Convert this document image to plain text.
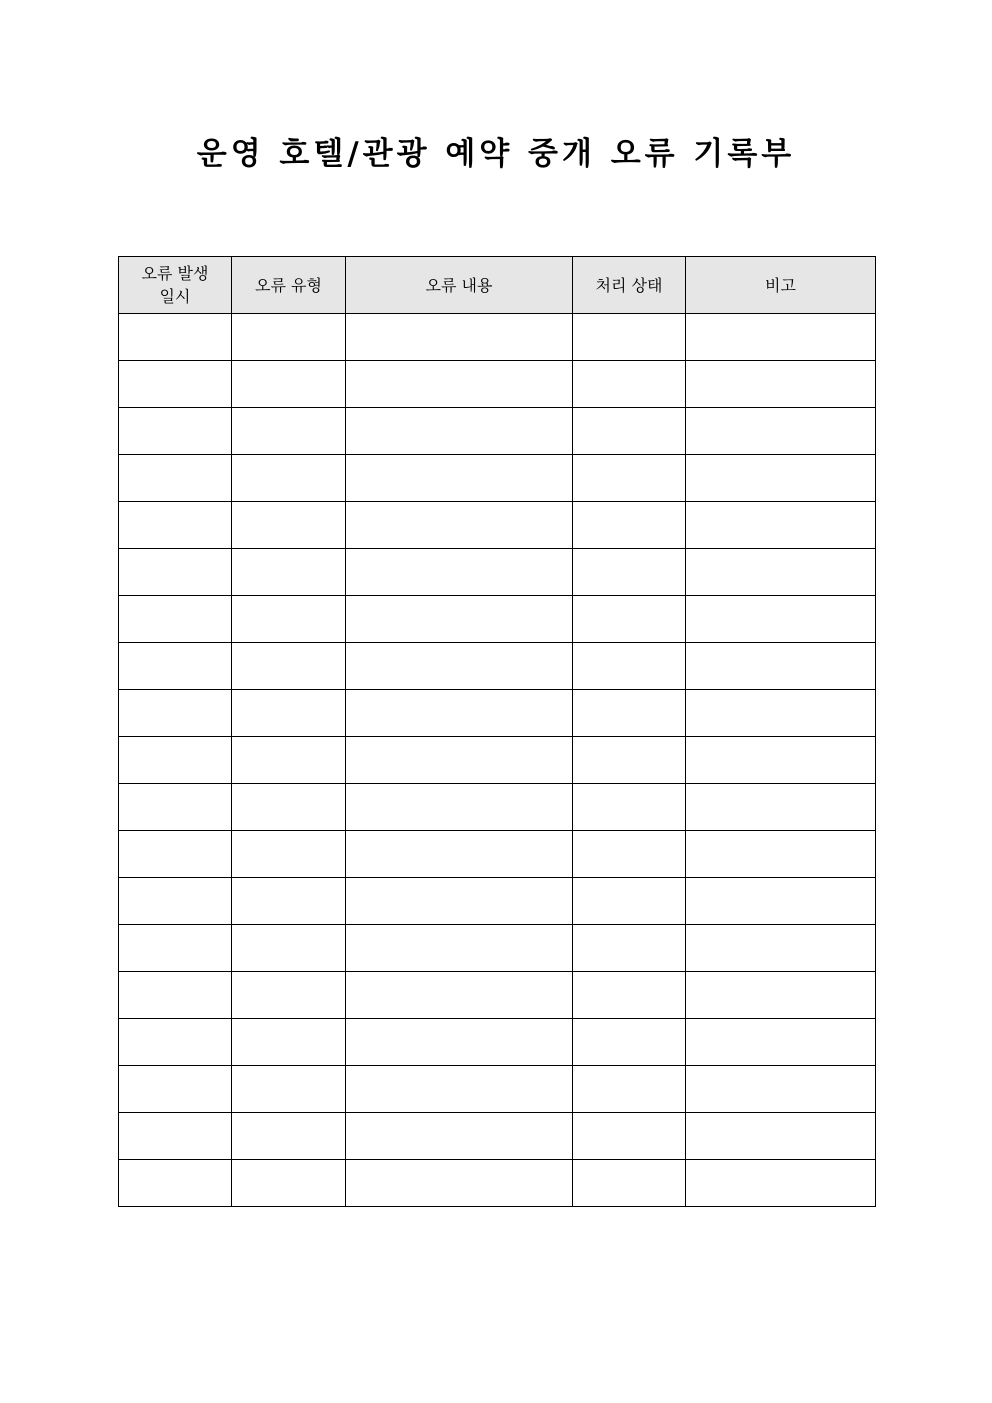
운영 호텔/관광 예약 중개 오류 기록부
오류 발생
일시	오류 유형	오류 내용	처리 상태	비고
